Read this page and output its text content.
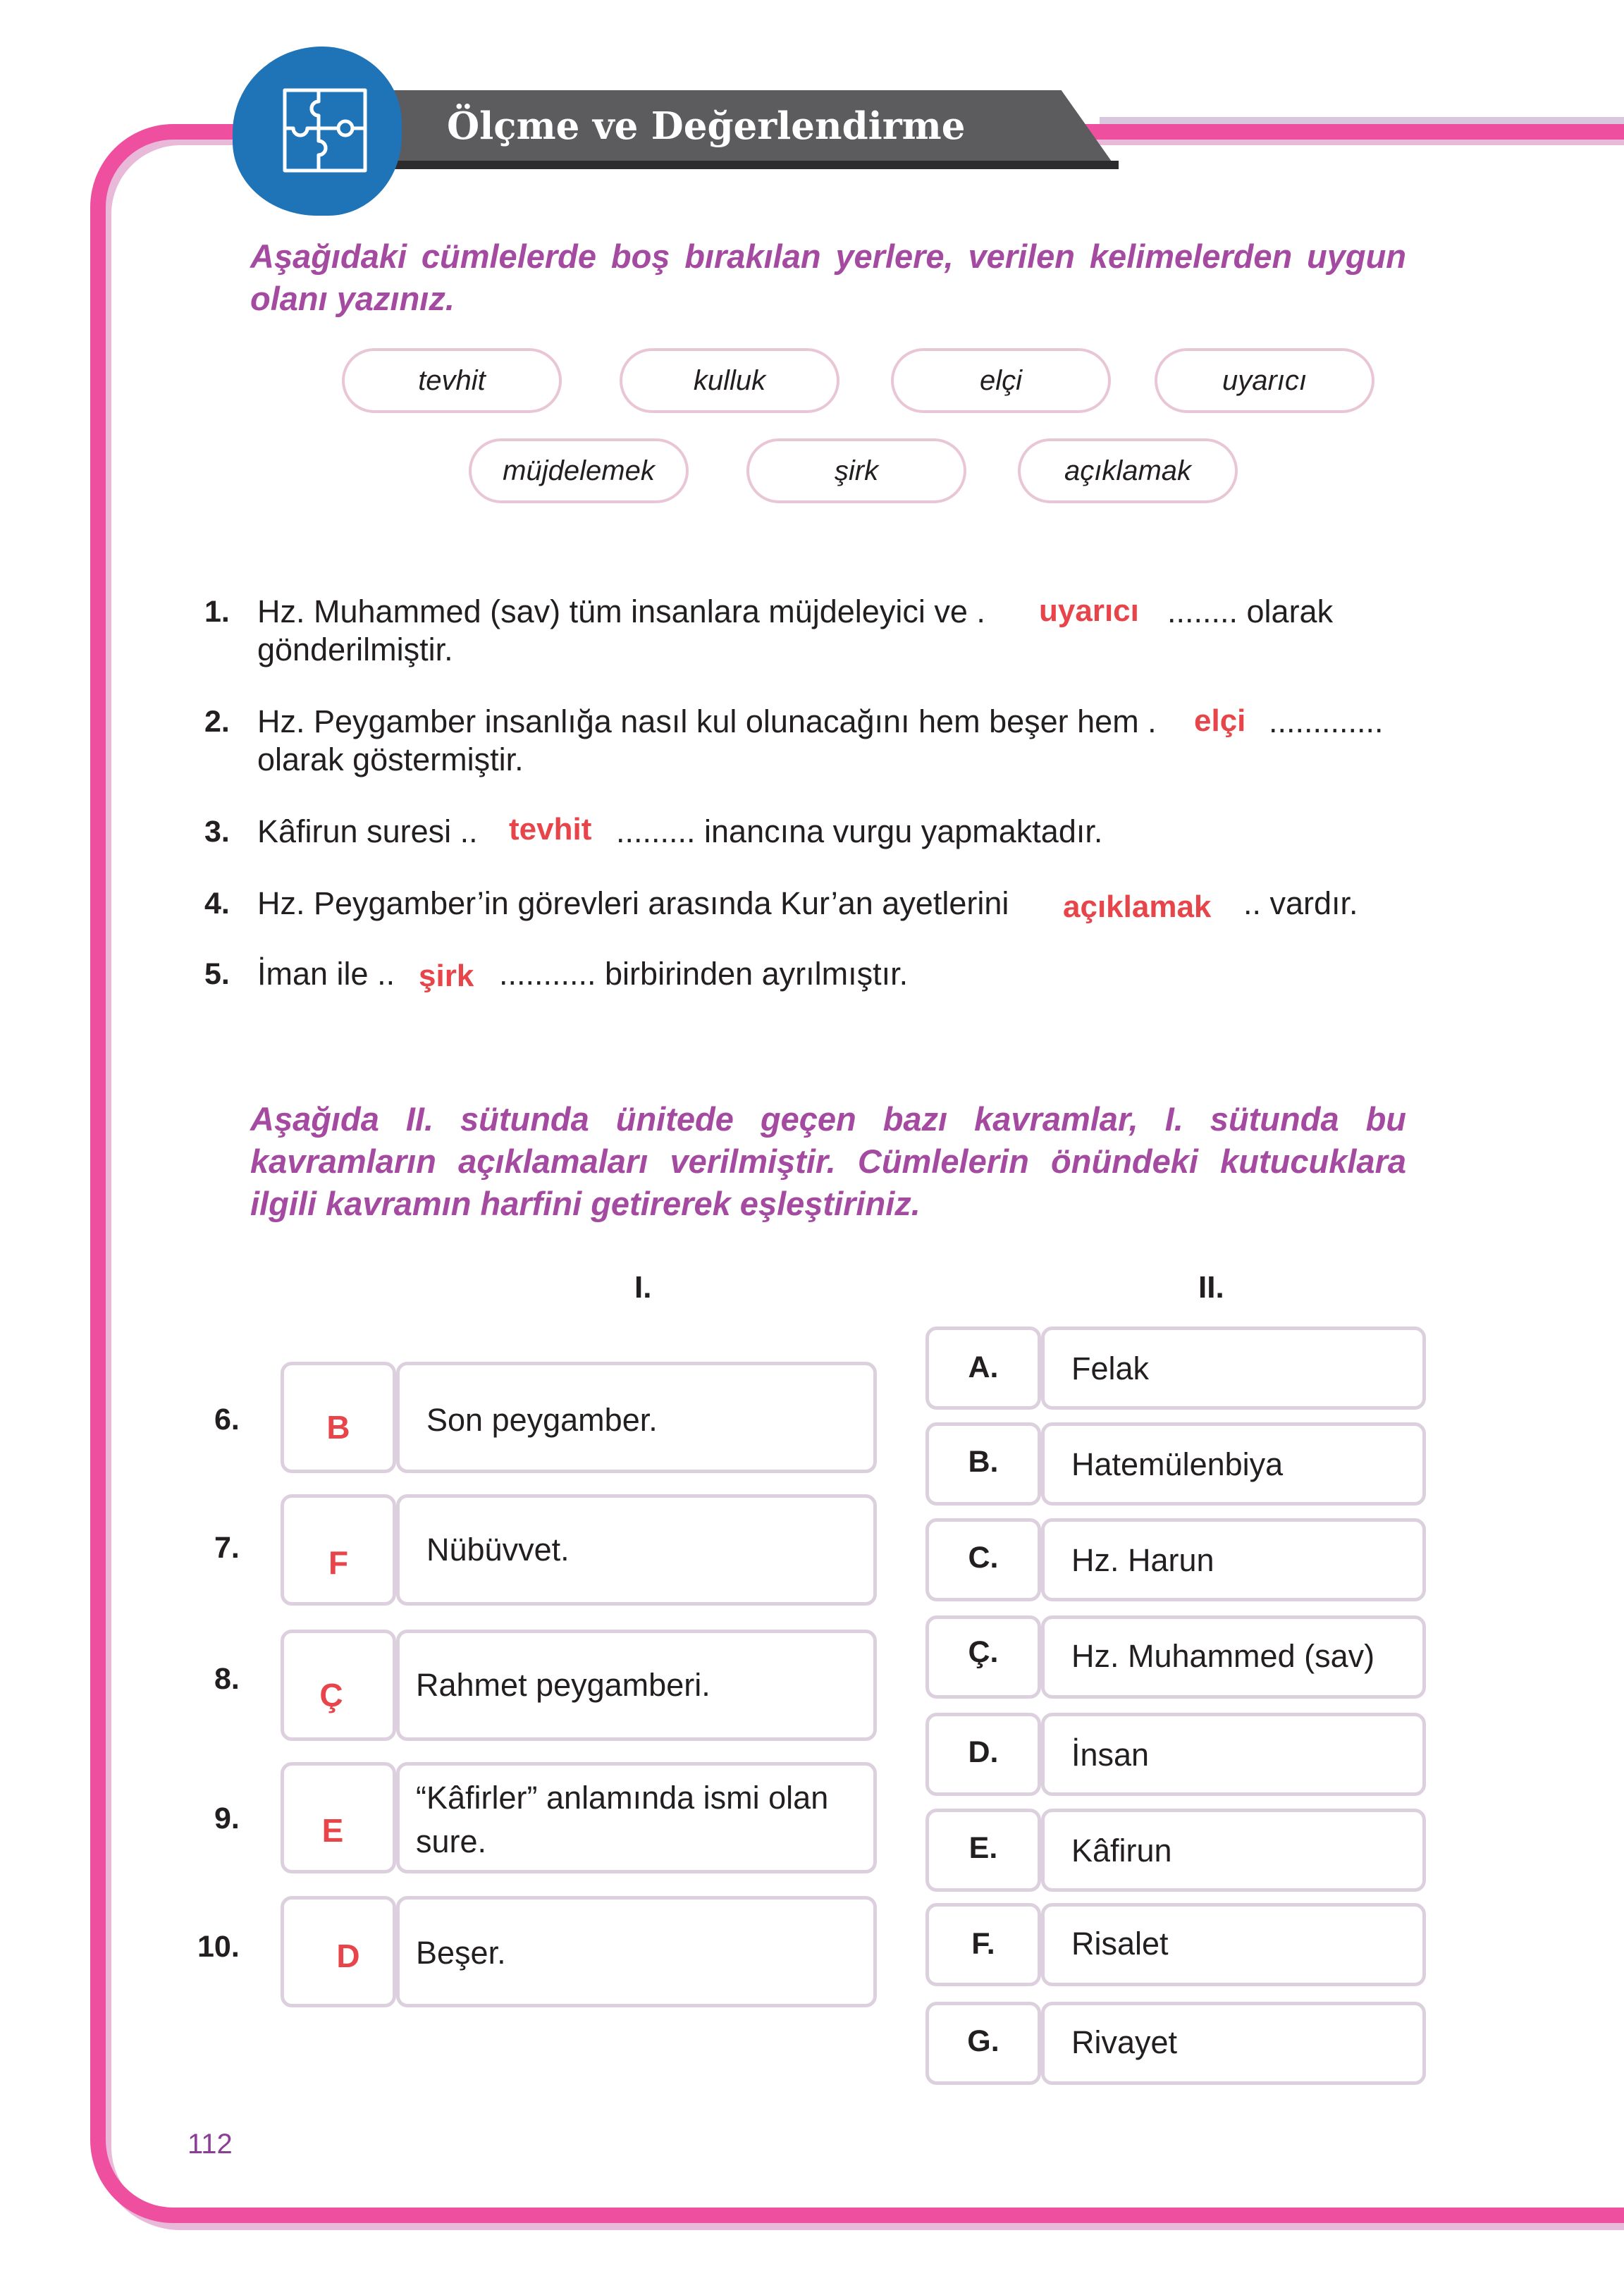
Ölçme ve Değerlendirme
Aşağıdaki cümlelerde boş bırakılan yerlere, verilen kelimelerden uygun olanı yazınız.
tevhit	kulluk	elçi	uyarıcı
müjdelemek	şirk	açıklamak
1. Hz. Muhammed (sav) tüm insanlara müjdeleyici ve . uyarıcı ........ olarak
gönderilmiştir.
2. Hz. Peygamber insanlığa nasıl kul olunacağını hem beşer hem . elçi .............
olarak göstermiştir.
3. Kâfirun suresi .. tevhit ......... inancına vurgu yapmaktadır.
4. Hz. Peygamber’in görevleri arasında Kur’an ayetlerini açıklamak .. vardır.
5. İman ile .. şirk ........... birbirinden ayrılmıştır.
Aşağıda II. sütunda ünitede geçen bazı kavramlar, I. sütunda bu kavramların açıklamaları verilmiştir. Cümlelerin önündeki kutucuklara ilgili kavramın harfini getirerek eşleştiriniz.
I.	II.
6.	B	Son peygamber.
7.	F	Nübüvvet.
8.	Ç	Rahmet peygamberi.
9.	E
“Kâfirler” anlamında ismi olan sure.
10.	D	Beşer.
A.	Felak
B.	Hatemülenbiya
C.	Hz. Harun
Ç.	Hz. Muhammed (sav)
D.	İnsan
E.	Kâfirun
F.	Risalet
G.	Rivayet
112
